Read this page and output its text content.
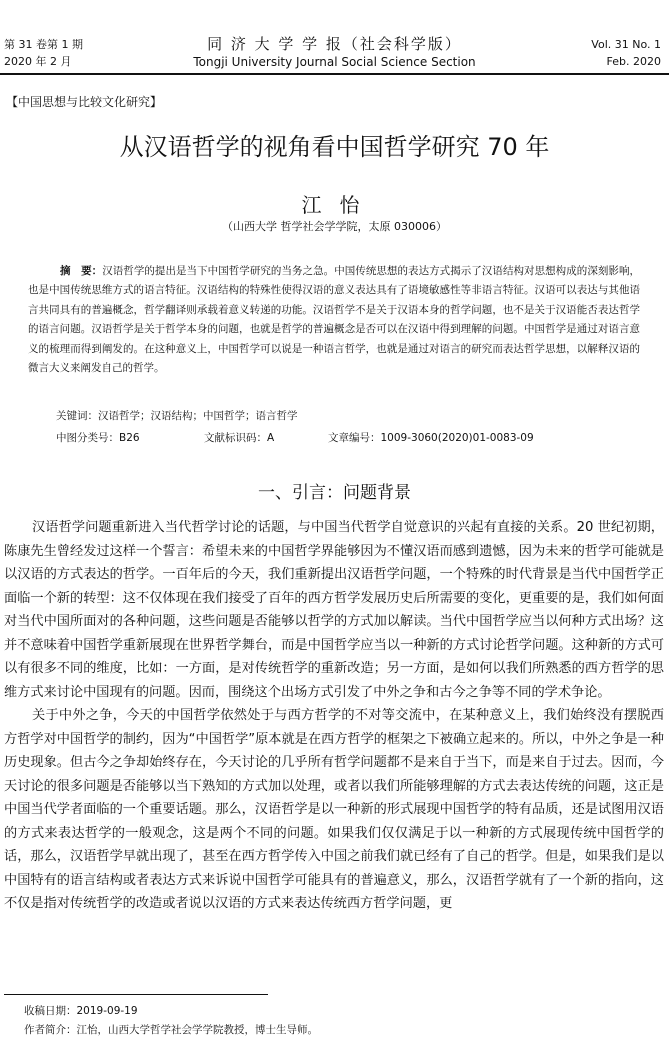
第 31 卷第 1 期
2020 年 2 月
同 济 大 学 学 报（社会科学版）
Tongji University Journal Social Science Section
Vol. 31 No. 1
Feb. 2020
【中国思想与比较文化研究】
从汉语哲学的视角看中国哲学研究 70 年
江怡
（山西大学 哲学社会学学院，太原 030006）
摘　要：汉语哲学的提出是当下中国哲学研究的当务之急。中国传统思想的表达方式揭示了汉语结构对思想构成的深刻影响，也是中国传统思维方式的语言特征。汉语结构的特殊性使得汉语的意义表达具有了语境敏感性等非语言特征。汉语可以表达与其他语言共同具有的普遍概念，哲学翻译则承载着意义转递的功能。汉语哲学不是关于汉语本身的哲学问题，也不是关于汉语能否表达哲学的语言问题。汉语哲学是关于哲学本身的问题，也就是哲学的普遍概念是否可以在汉语中得到理解的问题。中国哲学是通过对语言意义的梳理而得到阐发的。在这种意义上，中国哲学可以说是一种语言哲学，也就是通过对语言的研究而表达哲学思想，以解释汉语的微言大义来阐发自己的哲学。
关键词：汉语哲学；汉语结构；中国哲学；语言哲学
中图分类号：B26	文献标识码：A	文章编号：1009-3060(2020)01-0083-09
一、引言：问题背景

汉语哲学问题重新进入当代哲学讨论的话题，与中国当代哲学自觉意识的兴起有直接的关系。20 世纪初期，陈康先生曾经发过这样一个誓言：希望未来的中国哲学界能够因为不懂汉语而感到遗憾，因为未来的哲学可能就是以汉语的方式表达的哲学。一百年后的今天，我们重新提出汉语哲学问题，一个特殊的时代背景是当代中国哲学正面临一个新的转型：这不仅体现在我们接受了百年的西方哲学发展历史后所需要的变化，更重要的是，我们如何面对当代中国所面对的各种问题，这些问题是否能够以哲学的方式加以解读。当代中国哲学应当以何种方式出场？这并不意味着中国哲学重新展现在世界哲学舞台，而是中国哲学应当以一种新的方式讨论哲学问题。这种新的方式可以有很多不同的维度，比如：一方面，是对传统哲学的重新改造；另一方面，是如何以我们所熟悉的西方哲学的思维方式来讨论中国现有的问题。因而，围绕这个出场方式引发了中外之争和古今之争等不同的学术争论。

关于中外之争，今天的中国哲学依然处于与西方哲学的不对等交流中，在某种意义上，我们始终没有摆脱西方哲学对中国哲学的制约，因为“中国哲学”原本就是在西方哲学的框架之下被确立起来的。所以，中外之争是一种历史现象。但古今之争却始终存在，今天讨论的几乎所有哲学问题都不是来自于当下，而是来自于过去。因而，今天讨论的很多问题是否能够以当下熟知的方式加以处理，或者以我们所能够理解的方式去表达传统的问题，这正是中国当代学者面临的一个重要话题。那么，汉语哲学是以一种新的形式展现中国哲学的特有品质，还是试图用汉语的方式来表达哲学的一般观念，这是两个不同的问题。如果我们仅仅满足于以一种新的方式展现传统中国哲学的话，那么，汉语哲学早就出现了，甚至在西方哲学传入中国之前我们就已经有了自己的哲学。但是，如果我们是以中国特有的语言结构或者表达方式来诉说中国哲学可能具有的普遍意义，那么，汉语哲学就有了一个新的指向，这不仅是指对传统哲学的改造或者说以汉语的方式来表达传统西方哲学问题，更

收稿日期：2019-09-19
作者简介：江怡，山西大学哲学社会学学院教授，博士生导师。
